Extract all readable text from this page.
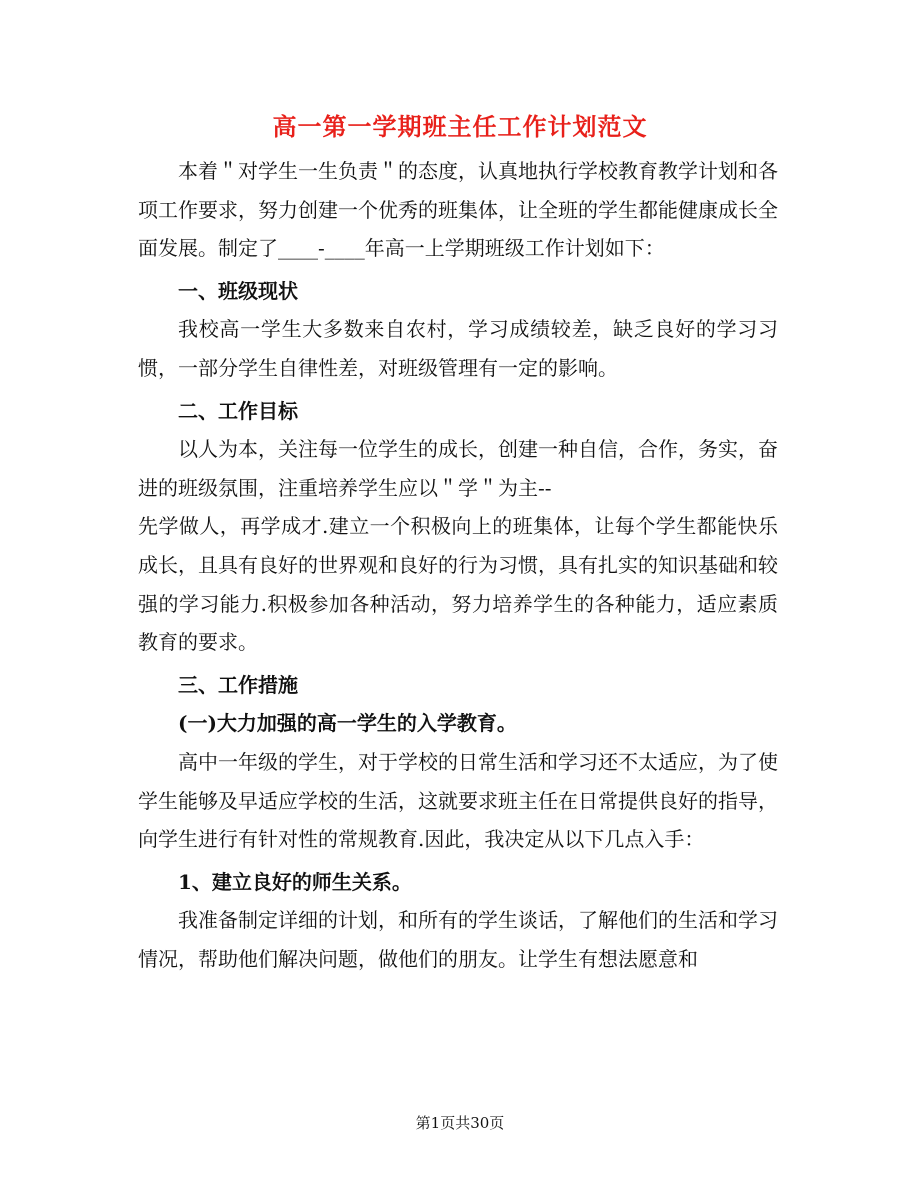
高一第一学期班主任工作计划范文

本着＂对学生一生负责＂的态度，认真地执行学校教育教学计划和各项工作要求，努力创建一个优秀的班集体，让全班的学生都能健康成长全面发展。制定了____-____年高一上学期班级工作计划如下：

一、班级现状

我校高一学生大多数来自农村，学习成绩较差，缺乏良好的学习习惯，一部分学生自律性差，对班级管理有一定的影响。

二、工作目标

以人为本，关注每一位学生的成长，创建一种自信，合作，务实，奋进的班级氛围，注重培养学生应以＂学＂为主--

先学做人，再学成才.建立一个积极向上的班集体，让每个学生都能快乐成长，且具有良好的世界观和良好的行为习惯，具有扎实的知识基础和较强的学习能力.积极参加各种活动，努力培养学生的各种能力，适应素质教育的要求。

三、工作措施
(一)大力加强的高一学生的入学教育。

高中一年级的学生，对于学校的日常生活和学习还不太适应，为了使学生能够及早适应学校的生活，这就要求班主任在日常提供良好的指导，向学生进行有针对性的常规教育.因此，我决定从以下几点入手：

1、建立良好的师生关系。

我准备制定详细的计划，和所有的学生谈话，了解他们的生活和学习情况，帮助他们解决问题，做他们的朋友。让学生有想法愿意和

第1页共30页
